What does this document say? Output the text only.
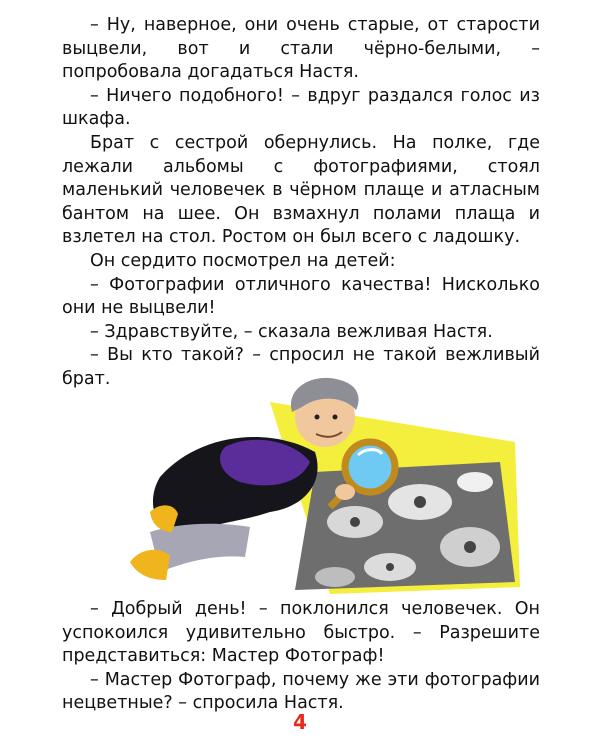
– Ну, наверное, они очень старые, от старости выцвели, вот и стали чёрно-белыми, – попробовала догадаться Настя.

– Ничего подобного! – вдруг раздался голос из шкафа.

Брат с сестрой обернулись. На полке, где лежали альбомы с фотографиями, стоял маленький человечек в чёрном плаще и атласным бантом на шее. Он взмахнул полами плаща и взлетел на стол. Ростом он был всего с ладошку.

Он сердито посмотрел на детей:

– Фотографии отличного качества! Нисколько они не выцвели!

– Здравствуйте, – сказала вежливая Настя.

– Вы кто такой? – спросил не такой вежливый брат.

– Добрый день! – поклонился человечек. Он успокоился удивительно быстро. – Разрешите представиться: Мастер Фотограф!

– Мастер Фотограф, почему же эти фотографии нецветные? – спросила Настя.

4
